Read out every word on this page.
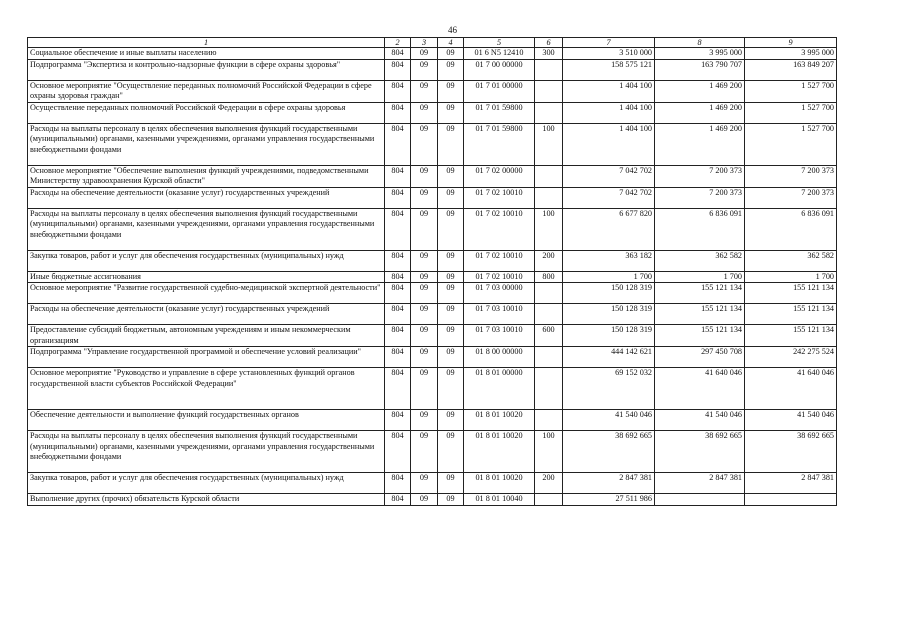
46
1	2	3	4	5	6	7	8	9
Социальное обеспечение и иные выплаты населению	804	09	09	01 6 N5 12410	300	3 510 000	3 995 000	3 995 000
Подпрограмма "Экспертиза и контрольно-надзорные функции в сфере охраны здоровья"	804	09	09	01 7 00 00000		158 575 121	163 790 707	163 849 207
Основное мероприятие "Осуществление переданных полномочий Российской Федерации в сфере охраны здоровья граждан"	804	09	09	01 7 01 00000		1 404 100	1 469 200	1 527 700
Осуществление переданных полномочий Российской Федерации в сфере охраны здоровья	804	09	09	01 7 01 59800		1 404 100	1 469 200	1 527 700
Расходы на выплаты персоналу в целях обеспечения выполнения функций государственными (муниципальными) органами, казенными учреждениями, органами управления государственными внебюджетными фондами	804	09	09	01 7 01 59800	100	1 404 100	1 469 200	1 527 700
Основное мероприятие "Обеспечение выполнения функций учреждениями, подведомственными Министерству здравоохранения Курской области"	804	09	09	01 7 02 00000		7 042 702	7 200 373	7 200 373
Расходы на обеспечение деятельности (оказание услуг) государственных учреждений	804	09	09	01 7 02 10010		7 042 702	7 200 373	7 200 373
Расходы на выплаты персоналу в целях обеспечения выполнения функций государственными (муниципальными) органами, казенными учреждениями, органами управления государственными внебюджетными фондами	804	09	09	01 7 02 10010	100	6 677 820	6 836 091	6 836 091
Закупка товаров, работ и услуг для обеспечения государственных (муниципальных) нужд	804	09	09	01 7 02 10010	200	363 182	362 582	362 582
Иные бюджетные ассигнования	804	09	09	01 7 02 10010	800	1 700	1 700	1 700
Основное мероприятие "Развитие государственной судебно-медицинской экспертной деятельности"	804	09	09	01 7 03 00000		150 128 319	155 121 134	155 121 134
Расходы на обеспечение деятельности (оказание услуг) государственных учреждений	804	09	09	01 7 03 10010		150 128 319	155 121 134	155 121 134
Предоставление субсидий бюджетным, автономным учреждениям и иным некоммерческим организациям	804	09	09	01 7 03 10010	600	150 128 319	155 121 134	155 121 134
Подпрограмма "Управление государственной программой и обеспечение условий реализации"	804	09	09	01 8 00 00000		444 142 621	297 450 708	242 275 524
Основное мероприятие "Руководство и управление в сфере установленных функций органов государственной власти субъектов Российской Федерации"	804	09	09	01 8 01 00000		69 152 032	41 640 046	41 640 046
Обеспечение деятельности и выполнение функций государственных органов	804	09	09	01 8 01 10020		41 540 046	41 540 046	41 540 046
Расходы на выплаты персоналу в целях обеспечения выполнения функций государственными (муниципальными) органами, казенными учреждениями, органами управления государственными внебюджетными фондами	804	09	09	01 8 01 10020	100	38 692 665	38 692 665	38 692 665
Закупка товаров, работ и услуг для обеспечения государственных (муниципальных) нужд	804	09	09	01 8 01 10020	200	2 847 381	2 847 381	2 847 381
Выполнение других (прочих) обязательств Курской области	804	09	09	01 8 01 10040		27 511 986		
